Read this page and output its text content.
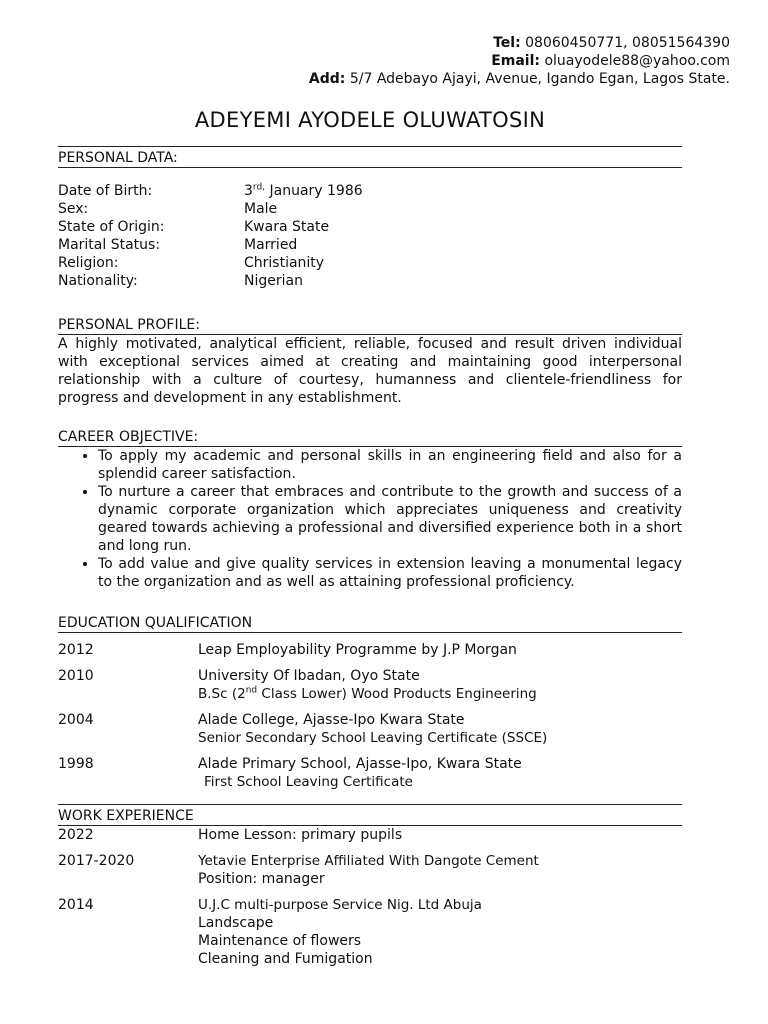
Tel: 08060450771, 08051564390
Email: oluayodele88@yahoo.com
Add: 5/7 Adebayo Ajayi, Avenue, Igando Egan, Lagos State.
ADEYEMI AYODELE OLUWATOSIN
PERSONAL DATA:
Date of Birth:	$3^{rd,}$ January 1986
Sex:	Male
State of Origin:	Kwara State
Marital Status:	Married
Religion:	Christianity
Nationality:	Nigerian
PERSONAL PROFILE:
A highly motivated, analytical efficient, reliable, focused and result driven individual with exceptional services aimed at creating and maintaining good interpersonal relationship with a culture of courtesy, humanness and clientele-friendliness for progress and development in any establishment.
CAREER OBJECTIVE:
• To apply my academic and personal skills in an engineering field and also for a splendid career satisfaction.
• To nurture a career that embraces and contribute to the growth and success of a dynamic corporate organization which appreciates uniqueness and creativity geared towards achieving a professional and diversified experience both in a short and long run.
• To add value and give quality services in extension leaving a monumental legacy to the organization and as well as attaining professional proficiency.
EDUCATION QUALIFICATION
2012	Leap Employability Programme by J.P Morgan
2010	University Of Ibadan, Oyo State
B.Sc (2nd Class Lower) Wood Products Engineering
2004	Alade College, Ajasse-Ipo Kwara State
Senior Secondary School Leaving Certificate (SSCE)
1998	Alade Primary School, Ajasse-Ipo, Kwara State
First School Leaving Certificate
WORK EXPERIENCE
2022	Home Lesson: primary pupils
2017-2020	Yetavie Enterprise Affiliated With Dangote Cement
Position: manager
2014	U.J.C multi-purpose Service Nig. Ltd Abuja
Landscape
Maintenance of flowers
Cleaning and Fumigation
